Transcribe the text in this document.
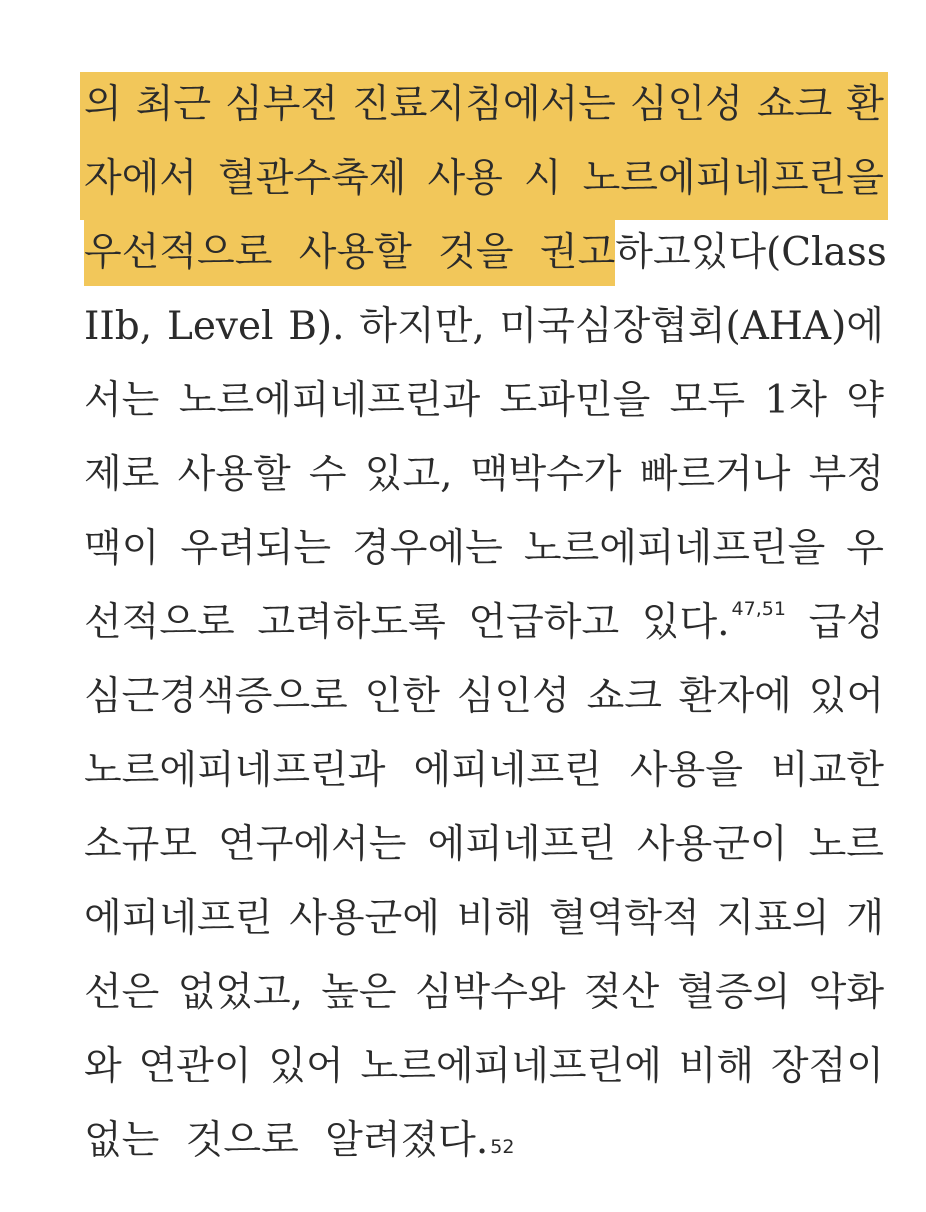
의 최근 심부전 진료지침에서는 심인성 쇼크 환
자에서 혈관수축제 사용 시 노르에피네프린을
우선적으로 사용할 것을 권고 하고 있다(Class
IIb, Level B). 하지만, 미국심장협회(AHA)에
서는 노르에피네프린과 도파민을 모두 1차 약
제로 사용할 수 있고, 맥박수가 빠르거나 부정
맥이 우려되는 경우에는 노르에피네프린을 우
선적으로 고려하도록 언급하고 있다. $^{47,51}$ 급성
심근경색증으로 인한 심인성 쇼크 환자에 있어
노르에피네프린과 에피네프린 사용을 비교한
소규모 연구에서는 에피네프린 사용군이 노르
에피네프린 사용군에 비해 혈역학적 지표의 개
선은 없었고, 높은 심박수와 젖산 혈증의 악화
와 연관이 있어 노르에피네프린에 비해 장점이
없는 것으로 알려졌다. 52
